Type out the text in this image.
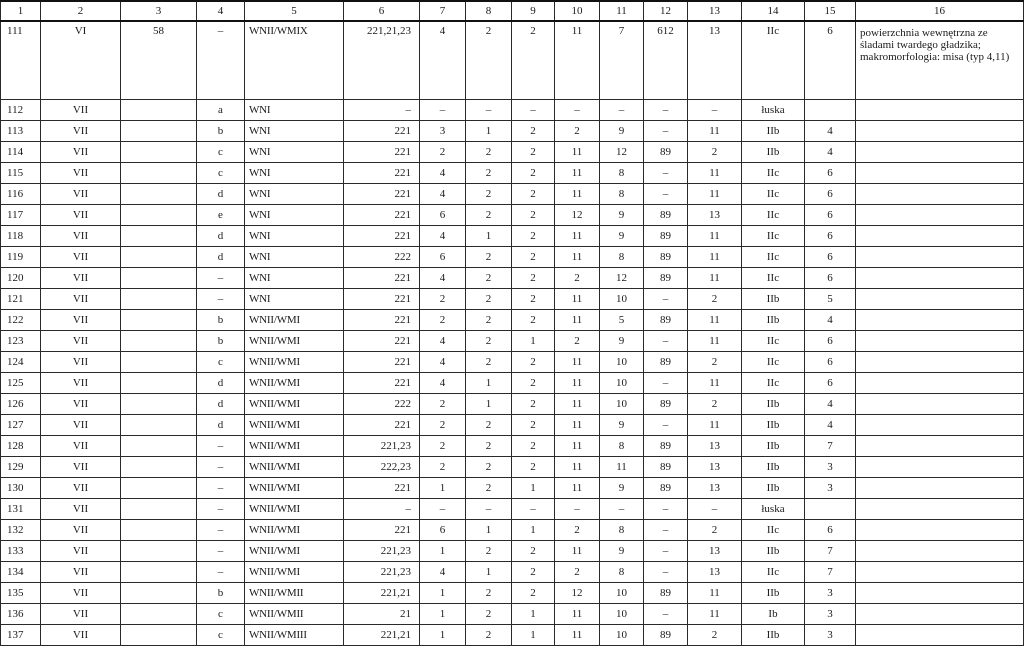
1	2	3	4	5	6	7	8	9	10	11	12	13	14	15	16
111	VI	58	–	WNII/WMIX	221,21,23	4	2	2	11	7	612	13	IIc	6	powierzchnia wewnętrzna ze śladami twardego gładzika; makromorfologia: misa (typ 4,11)
112	VII		a	WNI	–	–	–	–	–	–	–	–	łuska		
113	VII		b	WNI	221	3	1	2	2	9	–	11	IIb	4	
114	VII		c	WNI	221	2	2	2	11	12	89	2	IIb	4	
115	VII		c	WNI	221	4	2	2	11	8	–	11	IIc	6	
116	VII		d	WNI	221	4	2	2	11	8	–	11	IIc	6	
117	VII		e	WNI	221	6	2	2	12	9	89	13	IIc	6	
118	VII		d	WNI	221	4	1	2	11	9	89	11	IIc	6	
119	VII		d	WNI	222	6	2	2	11	8	89	11	IIc	6	
120	VII		–	WNI	221	4	2	2	2	12	89	11	IIc	6	
121	VII		–	WNI	221	2	2	2	11	10	–	2	IIb	5	
122	VII		b	WNII/WMI	221	2	2	2	11	5	89	11	IIb	4	
123	VII		b	WNII/WMI	221	4	2	1	2	9	–	11	IIc	6	
124	VII		c	WNII/WMI	221	4	2	2	11	10	89	2	IIc	6	
125	VII		d	WNII/WMI	221	4	1	2	11	10	–	11	IIc	6	
126	VII		d	WNII/WMI	222	2	1	2	11	10	89	2	IIb	4	
127	VII		d	WNII/WMI	221	2	2	2	11	9	–	11	IIb	4	
128	VII		–	WNII/WMI	221,23	2	2	2	11	8	89	13	IIb	7	
129	VII		–	WNII/WMI	222,23	2	2	2	11	11	89	13	IIb	3	
130	VII		–	WNII/WMI	221	1	2	1	11	9	89	13	IIb	3	
131	VII		–	WNII/WMI	–	–	–	–	–	–	–	–	łuska		
132	VII		–	WNII/WMI	221	6	1	1	2	8	–	2	IIc	6	
133	VII		–	WNII/WMI	221,23	1	2	2	11	9	–	13	IIb	7	
134	VII		–	WNII/WMI	221,23	4	1	2	2	8	–	13	IIc	7	
135	VII		b	WNII/WMII	221,21	1	2	2	12	10	89	11	IIb	3	
136	VII		c	WNII/WMII	21	1	2	1	11	10	–	11	Ib	3	
137	VII		c	WNII/WMIII	221,21	1	2	1	11	10	89	2	IIb	3	
